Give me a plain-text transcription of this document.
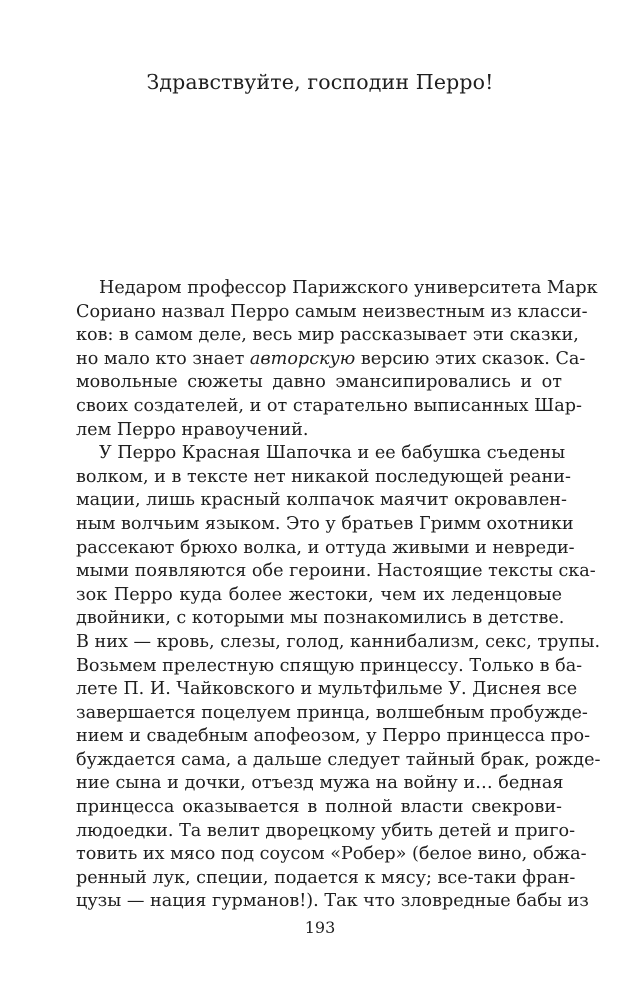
Здравствуйте, господин Перро!
Недаром профессор Парижского университета Марк
Сориано назвал Перро самым неизвестным из класси-
ков: в самом деле, весь мир рассказывает эти сказки,
но мало кто знает авторскую версию этих сказок. Са-
мовольные сюжеты давно эмансипировались и от
своих создателей, и от старательно выписанных Шар-
лем Перро нравоучений.
У Перро Красная Шапочка и ее бабушка съедены
волком, и в тексте нет никакой последующей реани-
мации, лишь красный колпачок маячит окровавлен-
ным волчьим языком. Это у братьев Гримм охотники
рассекают брюхо волка, и оттуда живыми и невреди-
мыми появляются обе героини. Настоящие тексты ска-
зок Перро куда более жестоки, чем их леденцовые
двойники, с которыми мы познакомились в детстве.
В них — кровь, слезы, голод, каннибализм, секс, трупы.
Возьмем прелестную спящую принцессу. Только в ба-
лете П. И. Чайковского и мультфильме У. Диснея все
завершается поцелуем принца, волшебным пробужде-
нием и свадебным апофеозом, у Перро принцесса про-
буждается сама, а дальше следует тайный брак, рожде-
ние сына и дочки, отъезд мужа на войну и… бедная
принцесса оказывается в полной власти свекрови-
людоедки. Та велит дворецкому убить детей и приго-
товить их мясо под соусом «Робер» (белое вино, обжа-
ренный лук, специи, подается к мясу; все-таки фран-
цузы — нация гурманов!). Так что зловредные бабы из
193
